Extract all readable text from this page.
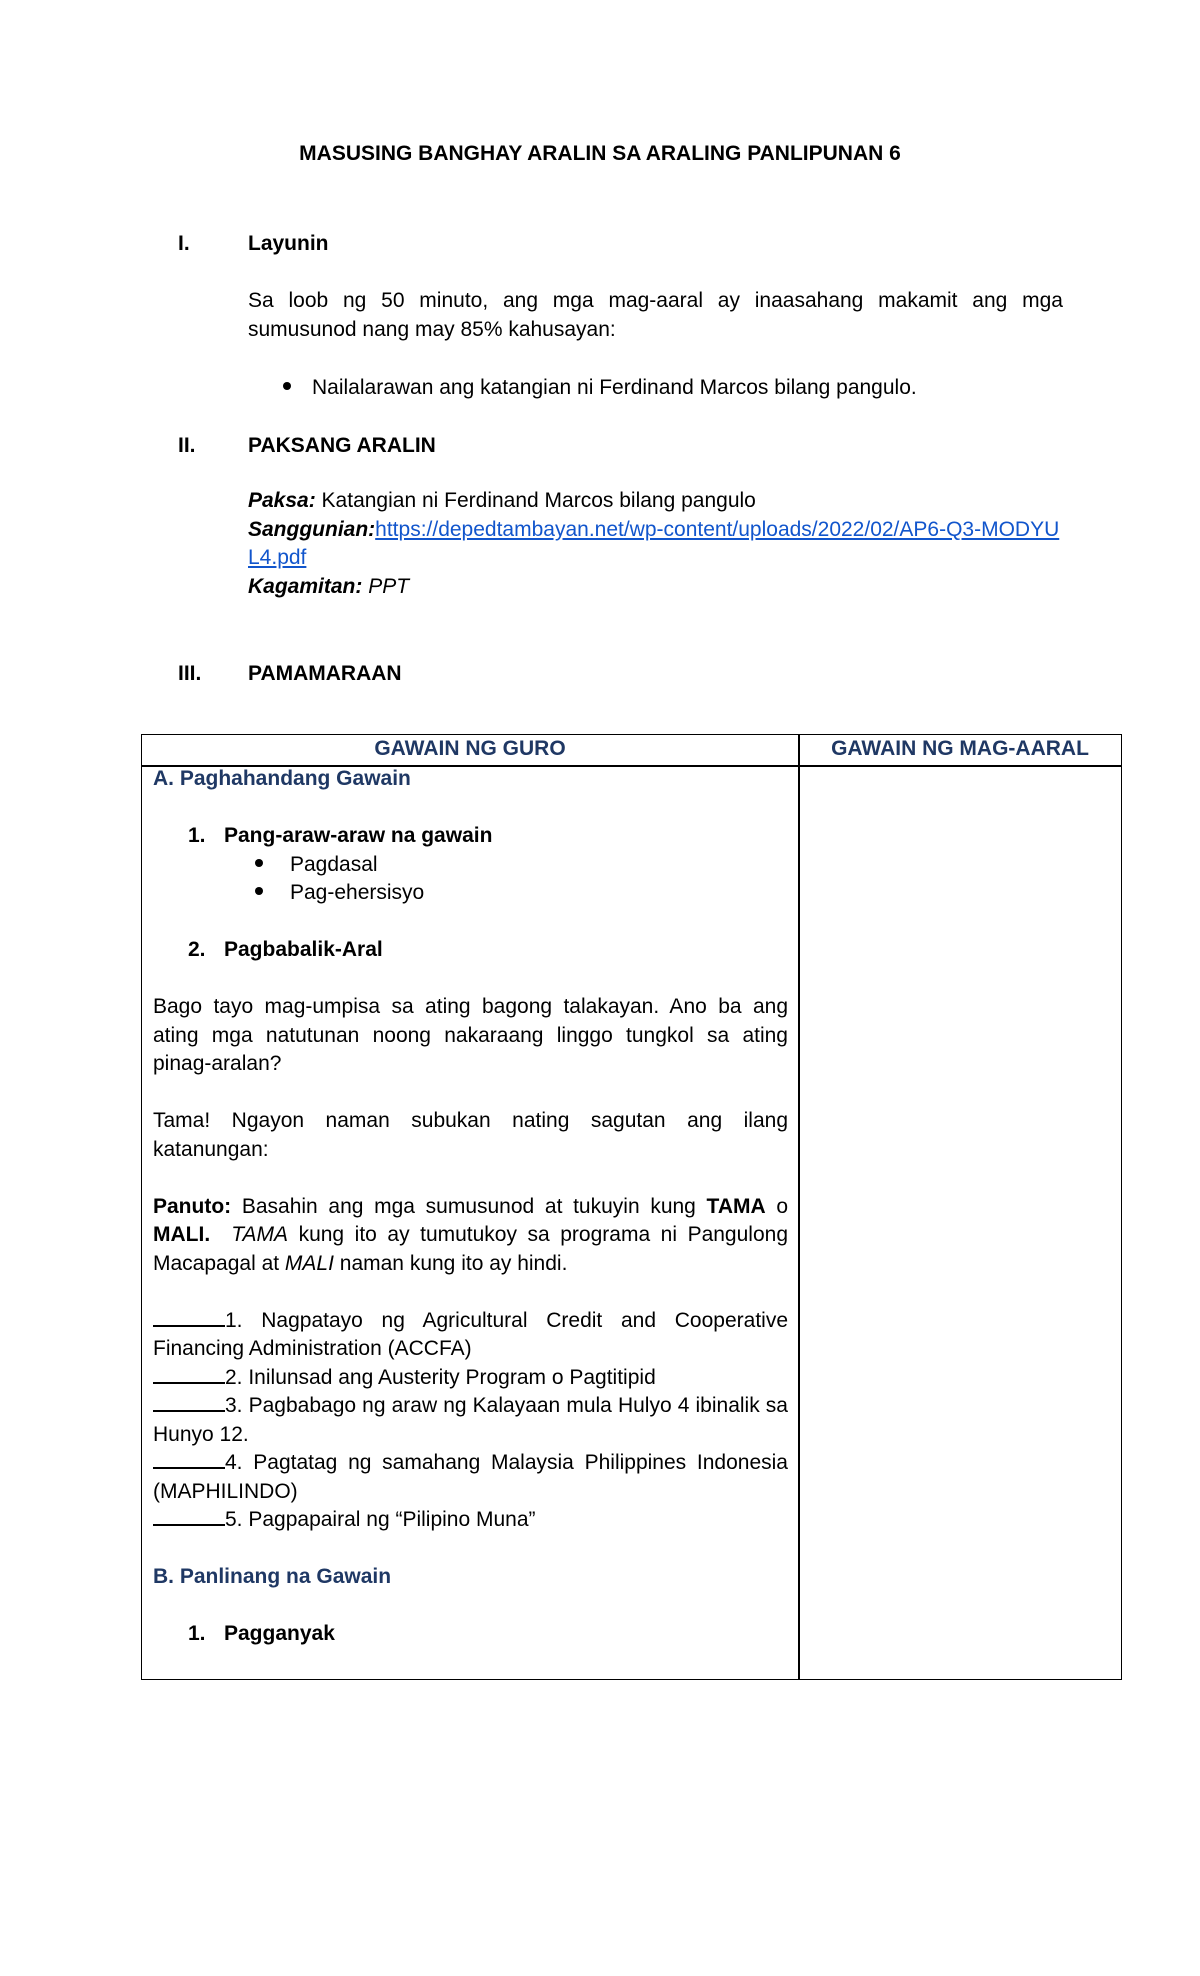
MASUSING BANGHAY ARALIN SA ARALING PANLIPUNAN 6
I.	Layunin
Sa loob ng 50 minuto, ang mga mag-aaral ay inaasahang makamit ang mga sumusunod nang may 85% kahusayan:
Nailalarawan ang katangian ni Ferdinand Marcos bilang pangulo.
II. PAKSANG ARALIN
Paksa: Katangian ni Ferdinand Marcos bilang pangulo
Sanggunian:https://depedtambayan.net/wp-content/uploads/2022/02/AP6-Q3-MODYUL4.pdf
Kagamitan: PPT
III. PAMAMARAAN
GAWAIN NG GURO	GAWAIN NG MAG-AARAL

A. Paghahandang Gawain

1. Pang-araw-araw na gawain

Pagdasal

Pag-ehersisyo

2. Pagbabalik-Aral

Bago tayo mag-umpisa sa ating bagong talakayan. Ano ba ang ating mga natutunan noong nakaraang linggo tungkol sa ating pinag-aralan?

Tama! Ngayon naman subukan nating sagutan ang ilang katanungan:

Panuto: Basahin ang mga sumusunod at tukuyin kung TAMA o MALI. TAMA kung ito ay tumutukoy sa programa ni Pangulong Macapagal at MALI naman kung ito ay hindi.

1. Nagpatayo ng Agricultural Credit and Cooperative Financing Administration (ACCFA)

2. Inilunsad ang Austerity Program o Pagtitipid

3. Pagbabago ng araw ng Kalayaan mula Hulyo 4 ibinalik sa Hunyo 12.

4. Pagtatag ng samahang Malaysia Philippines Indonesia (MAPHILINDO)

5. Pagpapairal ng “Pilipino Muna”

B. Panlinang na Gawain

1. Pagganyak
